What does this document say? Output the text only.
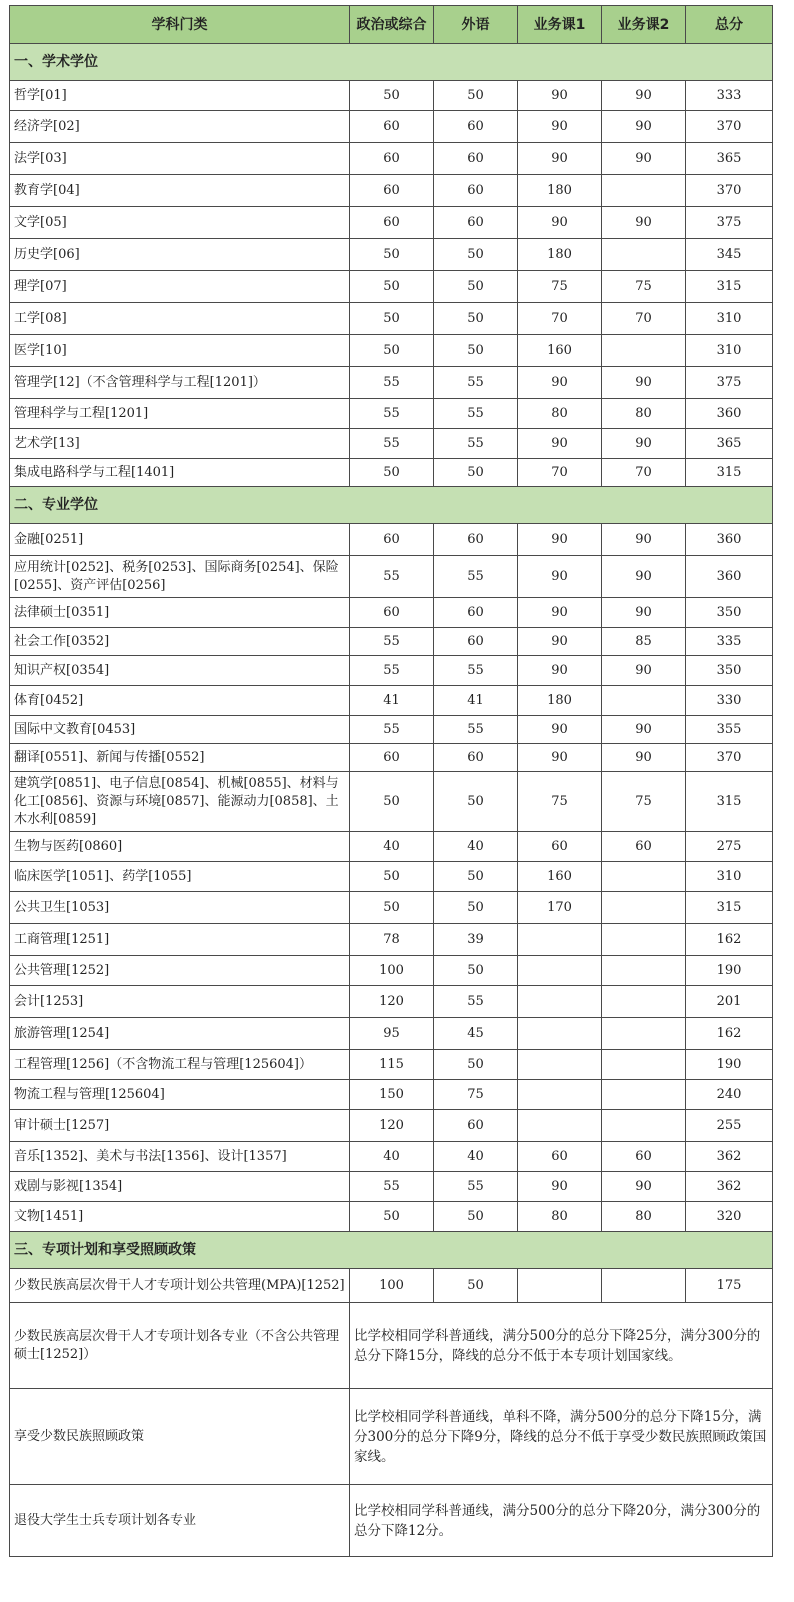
学科门类	政治或综合	外语	业务课1	业务课2	总分
一、学术学位					
哲学[01]	50	50	90	90	333
经济学[02]	60	60	90	90	370
法学[03]	60	60	90	90	365
教育学[04]	60	60	180		370
文学[05]	60	60	90	90	375
历史学[06]	50	50	180		345
理学[07]	50	50	75	75	315
工学[08]	50	50	70	70	310
医学[10]	50	50	160		310
管理学[12]（不含管理科学与工程[1201]）	55	55	90	90	375
管理科学与工程[1201]	55	55	80	80	360
艺术学[13]	55	55	90	90	365
集成电路科学与工程[1401]	50	50	70	70	315
二、专业学位					
金融[0251]	60	60	90	90	360
应用统计[0252]、税务[0253]、国际商务[0254]、保险[0255]、资产评估[0256]	55	55	90	90	360
法律硕士[0351]	60	60	90	90	350
社会工作[0352]	55	60	90	85	335
知识产权[0354]	55	55	90	90	350
体育[0452]	41	41	180		330
国际中文教育[0453]	55	55	90	90	355
翻译[0551]、新闻与传播[0552]	60	60	90	90	370
建筑学[0851]、电子信息[0854]、机械[0855]、材料与化工[0856]、资源与环境[0857]、能源动力[0858]、土木水利[0859]	50	50	75	75	315
生物与医药[0860]	40	40	60	60	275
临床医学[1051]、药学[1055]	50	50	160		310
公共卫生[1053]	50	50	170		315
工商管理[1251]	78	39			162
公共管理[1252]	100	50			190
会计[1253]	120	55			201
旅游管理[1254]	95	45			162
工程管理[1256]（不含物流工程与管理[125604]）	115	50			190
物流工程与管理[125604]	150	75			240
审计硕士[1257]	120	60			255
音乐[1352]、美术与书法[1356]、设计[1357]	40	40	60	60	362
戏剧与影视[1354]	55	55	90	90	362
文物[1451]	50	50	80	80	320
三、专项计划和享受照顾政策					
少数民族高层次骨干人才专项计划公共管理(MPA)[1252]	100	50			175
少数民族高层次骨干人才专项计划各专业（不含公共管理硕士[1252]）	比学校相同学科普通线，满分500分的总分下降25分，满分300分的总分下降15分，降线的总分不低于本专项计划国家线。				
享受少数民族照顾政策	比学校相同学科普通线，单科不降，满分500分的总分下降15分，满分300分的总分下降9分，降线的总分不低于享受少数民族照顾政策国家线。				
退役大学生士兵专项计划各专业	比学校相同学科普通线，满分500分的总分下降20分，满分300分的总分下降12分。				
